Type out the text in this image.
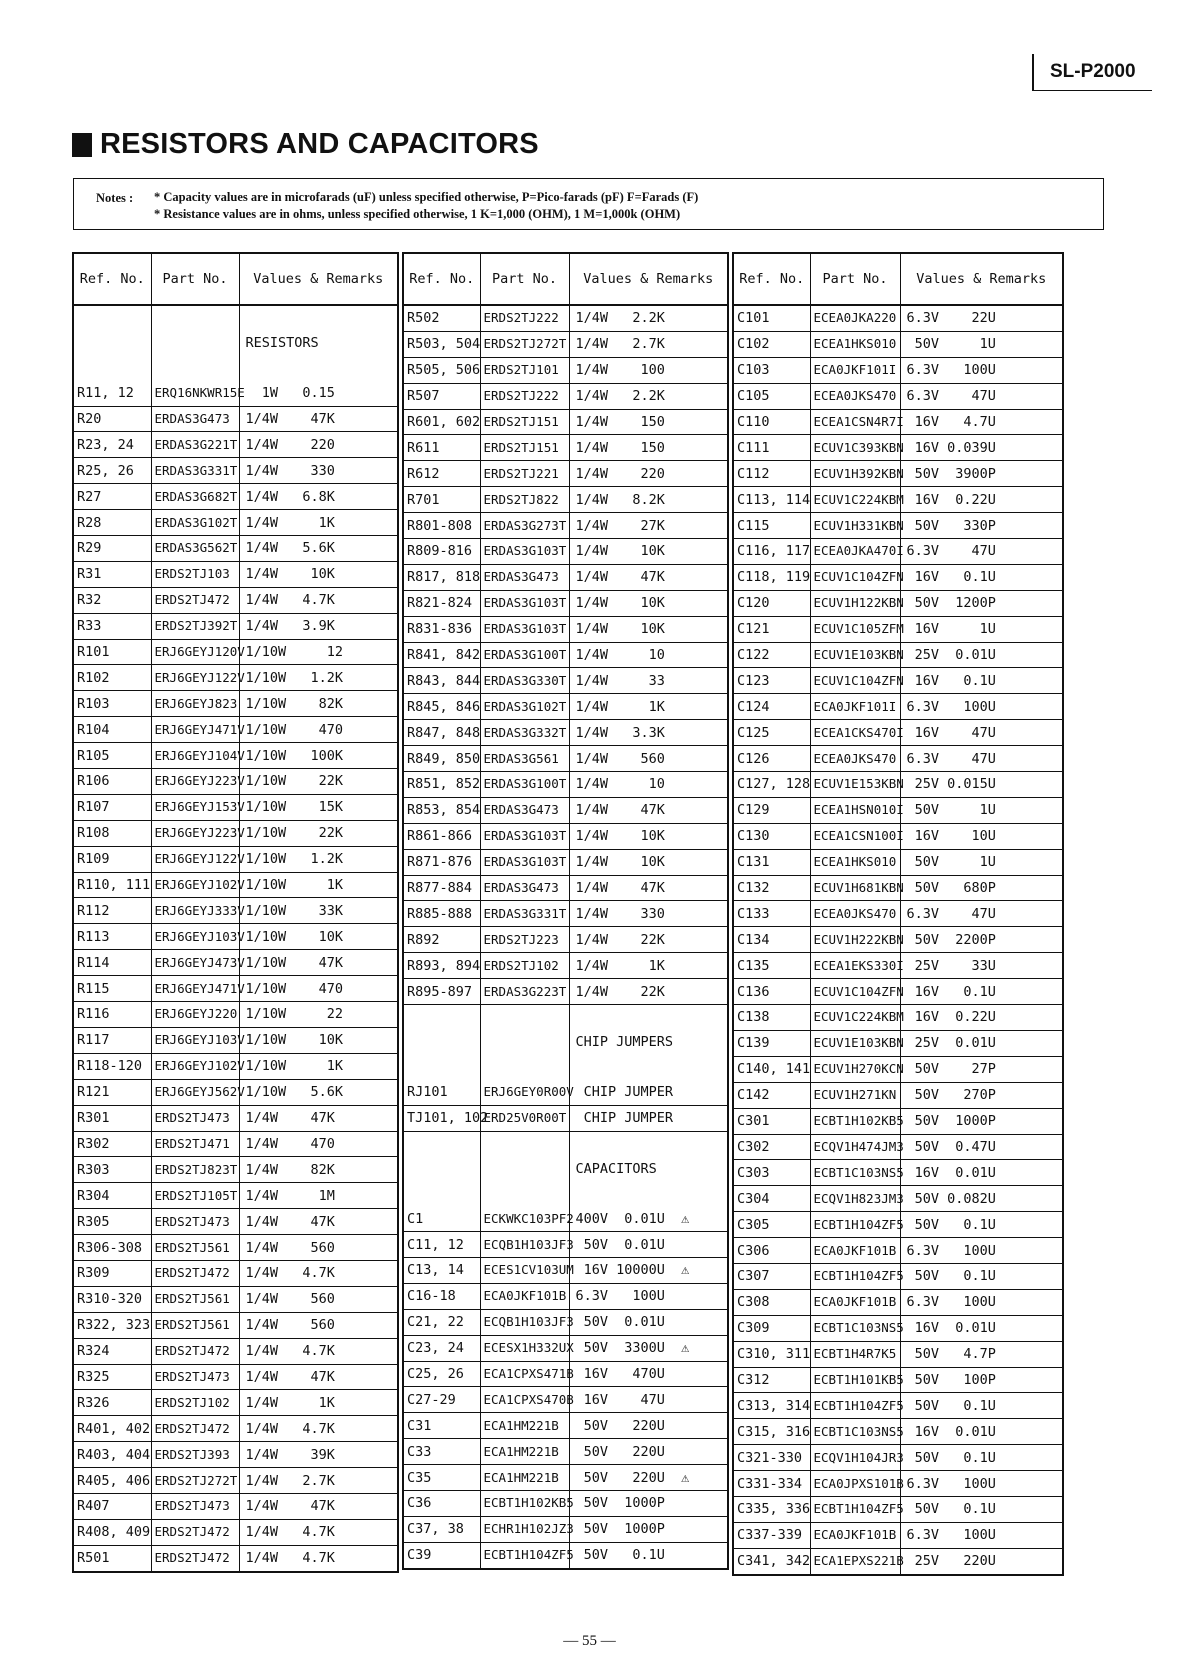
SL-P2000
RESISTORS AND CAPACITORS
Notes : * Capacity values are in microfarads (uF) unless specified otherwise, P=Pico-farads (pF) F=Farads (F)
* Resistance values are in ohms, unless specified otherwise, 1 K=1,000 (OHM), 1 M=1,000k (OHM)
Ref. No.	Part No.	Values & Remarks

		RESISTORS

R11, 12	ERQ16NKWR15E	1W   0.15
R20	ERDAS3G473	1/4W    47K
R23, 24	ERDAS3G221T	1/4W    220
R25, 26	ERDAS3G331T	1/4W    330
R27	ERDAS3G682T	1/4W   6.8K
R28	ERDAS3G102T	1/4W     1K
R29	ERDAS3G562T	1/4W   5.6K
R31	ERDS2TJ103	1/4W    10K
R32	ERDS2TJ472	1/4W   4.7K
R33	ERDS2TJ392T	1/4W   3.9K
R101	ERJ6GEYJ120V	1/10W     12
R102	ERJ6GEYJ122V	1/10W   1.2K
R103	ERJ6GEYJ823	1/10W    82K
R104	ERJ6GEYJ471V	1/10W    470
R105	ERJ6GEYJ104V	1/10W   100K
R106	ERJ6GEYJ223V	1/10W    22K
R107	ERJ6GEYJ153V	1/10W    15K
R108	ERJ6GEYJ223V	1/10W    22K
R109	ERJ6GEYJ122V	1/10W   1.2K
R110, 111	ERJ6GEYJ102V	1/10W     1K
R112	ERJ6GEYJ333V	1/10W    33K
R113	ERJ6GEYJ103V	1/10W    10K
R114	ERJ6GEYJ473V	1/10W    47K
R115	ERJ6GEYJ471V	1/10W    470
R116	ERJ6GEYJ220	1/10W     22
R117	ERJ6GEYJ103V	1/10W    10K
R118-120	ERJ6GEYJ102V	1/10W     1K
R121	ERJ6GEYJ562V	1/10W   5.6K
R301	ERDS2TJ473	1/4W    47K
R302	ERDS2TJ471	1/4W    470
R303	ERDS2TJ823T	1/4W    82K
R304	ERDS2TJ105T	1/4W     1M
R305	ERDS2TJ473	1/4W    47K
R306-308	ERDS2TJ561	1/4W    560
R309	ERDS2TJ472	1/4W   4.7K
R310-320	ERDS2TJ561	1/4W    560
R322, 323	ERDS2TJ561	1/4W    560
R324	ERDS2TJ472	1/4W   4.7K
R325	ERDS2TJ473	1/4W    47K
R326	ERDS2TJ102	1/4W     1K
R401, 402	ERDS2TJ472	1/4W   4.7K
R403, 404	ERDS2TJ393	1/4W    39K
R405, 406	ERDS2TJ272T	1/4W   2.7K
R407	ERDS2TJ473	1/4W    47K
R408, 409	ERDS2TJ472	1/4W   4.7K
R501	ERDS2TJ472	1/4W   4.7K
Ref. No.	Part No.	Values & Remarks
R502	ERDS2TJ222	1/4W   2.2K
R503, 504	ERDS2TJ272T	1/4W   2.7K
R505, 506	ERDS2TJ101	1/4W    100
R507	ERDS2TJ222	1/4W   2.2K
R601, 602	ERDS2TJ151	1/4W    150
R611	ERDS2TJ151	1/4W    150
R612	ERDS2TJ221	1/4W    220
R701	ERDS2TJ822	1/4W   8.2K
R801-808	ERDAS3G273T	1/4W    27K
R809-816	ERDAS3G103T	1/4W    10K
R817, 818	ERDAS3G473	1/4W    47K
R821-824	ERDAS3G103T	1/4W    10K
R831-836	ERDAS3G103T	1/4W    10K
R841, 842	ERDAS3G100T	1/4W     10
R843, 844	ERDAS3G330T	1/4W     33
R845, 846	ERDAS3G102T	1/4W     1K
R847, 848	ERDAS3G332T	1/4W   3.3K
R849, 850	ERDAS3G561	1/4W    560
R851, 852	ERDAS3G100T	1/4W     10
R853, 854	ERDAS3G473	1/4W    47K
R861-866	ERDAS3G103T	1/4W    10K
R871-876	ERDAS3G103T	1/4W    10K
R877-884	ERDAS3G473	1/4W    47K
R885-888	ERDAS3G331T	1/4W    330
R892	ERDS2TJ223	1/4W    22K
R893, 894	ERDS2TJ102	1/4W     1K
R895-897	ERDAS3G223T	1/4W    22K

		CHIP JUMPERS

RJ101	ERJ6GEY0R00V	CHIP JUMPER
TJ101, 102	ERD25V0R00T	CHIP JUMPER

		CAPACITORS

C1	ECKWKC103PF2	400V  0.01U  ⚠
C11, 12	ECQB1H103JF3	50V  0.01U
C13, 14	ECES1CV103UM	16V 10000U  ⚠
C16-18	ECA0JKF101B	6.3V   100U
C21, 22	ECQB1H103JF3	50V  0.01U
C23, 24	ECESX1H332UX	50V  3300U  ⚠
C25, 26	ECA1CPXS471B	16V   470U
C27-29	ECA1CPXS470B	16V    47U
C31	ECA1HM221B	50V   220U
C33	ECA1HM221B	50V   220U
C35	ECA1HM221B	50V   220U  ⚠
C36	ECBT1H102KB5	50V  1000P
C37, 38	ECHR1H102JZ3	50V  1000P
C39	ECBT1H104ZF5	50V   0.1U
Ref. No.	Part No.	Values & Remarks
C101	ECEA0JKA220	6.3V    22U
C102	ECEA1HKS010	50V     1U
C103	ECA0JKF101I	6.3V   100U
C105	ECEA0JKS470	6.3V    47U
C110	ECEA1CSN4R7I	16V   4.7U
C111	ECUV1C393KBN	16V 0.039U
C112	ECUV1H392KBN	50V  3900P
C113, 114	ECUV1C224KBM	16V  0.22U
C115	ECUV1H331KBN	50V   330P
C116, 117	ECEA0JKA470I	6.3V    47U
C118, 119	ECUV1C104ZFN	16V   0.1U
C120	ECUV1H122KBN	50V  1200P
C121	ECUV1C105ZFM	16V     1U
C122	ECUV1E103KBN	25V  0.01U
C123	ECUV1C104ZFN	16V   0.1U
C124	ECA0JKF101I	6.3V   100U
C125	ECEA1CKS470I	16V    47U
C126	ECEA0JKS470	6.3V    47U
C127, 128	ECUV1E153KBN	25V 0.015U
C129	ECEA1HSN010I	50V     1U
C130	ECEA1CSN100I	16V    10U
C131	ECEA1HKS010	50V     1U
C132	ECUV1H681KBN	50V   680P
C133	ECEA0JKS470	6.3V    47U
C134	ECUV1H222KBN	50V  2200P
C135	ECEA1EKS330I	25V    33U
C136	ECUV1C104ZFN	16V   0.1U
C138	ECUV1C224KBM	16V  0.22U
C139	ECUV1E103KBN	25V  0.01U
C140, 141	ECUV1H270KCN	50V    27P
C142	ECUV1H271KN	50V   270P
C301	ECBT1H102KB5	50V  1000P
C302	ECQV1H474JM3	50V  0.47U
C303	ECBT1C103NS5	16V  0.01U
C304	ECQV1H823JM3	50V 0.082U
C305	ECBT1H104ZF5	50V   0.1U
C306	ECA0JKF101B	6.3V   100U
C307	ECBT1H104ZF5	50V   0.1U
C308	ECA0JKF101B	6.3V   100U
C309	ECBT1C103NS5	16V  0.01U
C310, 311	ECBT1H4R7K5	50V   4.7P
C312	ECBT1H101KB5	50V   100P
C313, 314	ECBT1H104ZF5	50V   0.1U
C315, 316	ECBT1C103NS5	16V  0.01U
C321-330	ECQV1H104JR3	50V   0.1U
C331-334	ECA0JPXS101B	6.3V   100U
C335, 336	ECBT1H104ZF5	50V   0.1U
C337-339	ECA0JKF101B	6.3V   100U
C341, 342	ECA1EPXS221B	25V   220U
— 55 —
